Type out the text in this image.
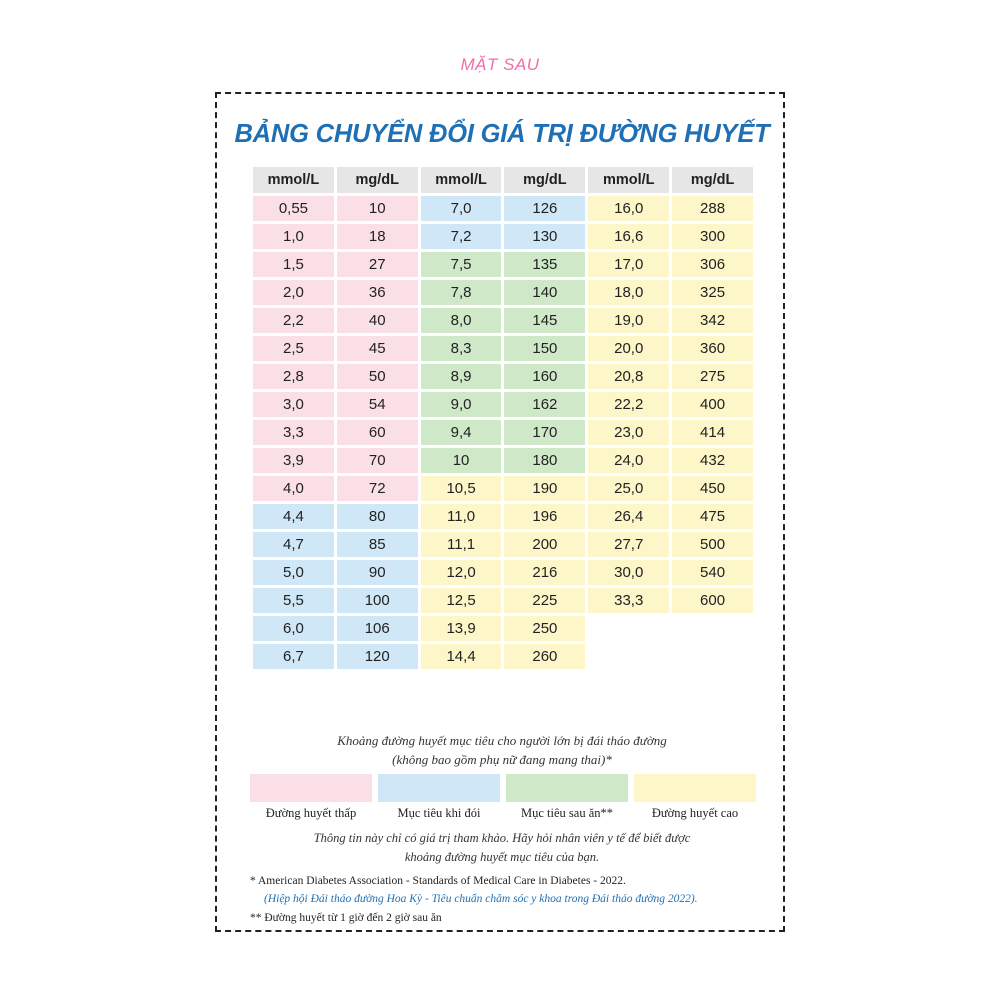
MẶT SAU
BẢNG CHUYỂN ĐỔI GIÁ TRỊ ĐƯỜNG HUYẾT
mmol/L	mg/dL	mmol/L	mg/dL	mmol/L	mg/dL
0,55	10	7,0	126	16,0	288
1,0	18	7,2	130	16,6	300
1,5	27	7,5	135	17,0	306
2,0	36	7,8	140	18,0	325
2,2	40	8,0	145	19,0	342
2,5	45	8,3	150	20,0	360
2,8	50	8,9	160	20,8	275
3,0	54	9,0	162	22,2	400
3,3	60	9,4	170	23,0	414
3,9	70	10	180	24,0	432
4,0	72	10,5	190	25,0	450
4,4	80	11,0	196	26,4	475
4,7	85	11,1	200	27,7	500
5,0	90	12,0	216	30,0	540
5,5	100	12,5	225	33,3	600
6,0	106	13,9	250		
6,7	120	14,4	260		
Khoảng đường huyết mục tiêu cho người lớn bị đái tháo đường
(không bao gồm phụ nữ đang mang thai)*
Đường huyết thấp	Mục tiêu khi đói	Mục tiêu sau ăn**	Đường huyết cao
Thông tin này chỉ có giá trị tham khảo. Hãy hỏi nhân viên y tế để biết được
khoảng đường huyết mục tiêu của bạn.
* American Diabetes Association - Standards of Medical Care in Diabetes - 2022.
(Hiệp hội Đái tháo đường Hoa Kỳ - Tiêu chuẩn chăm sóc y khoa trong Đái tháo đường 2022).
** Đường huyết từ 1 giờ đến 2 giờ sau ăn
